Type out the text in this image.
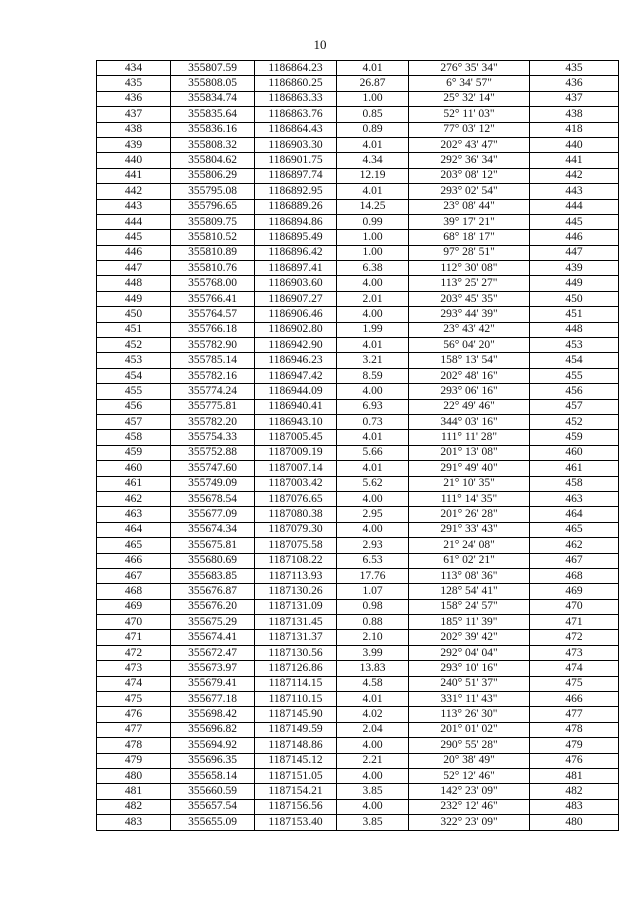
10
434	355807.59	1186864.23	4.01	276° 35' 34"	435
435	355808.05	1186860.25	26.87	6° 34' 57"	436
436	355834.74	1186863.33	1.00	25° 32' 14"	437
437	355835.64	1186863.76	0.85	52° 11' 03"	438
438	355836.16	1186864.43	0.89	77° 03' 12"	418
439	355808.32	1186903.30	4.01	202° 43' 47"	440
440	355804.62	1186901.75	4.34	292° 36' 34"	441
441	355806.29	1186897.74	12.19	203° 08' 12"	442
442	355795.08	1186892.95	4.01	293° 02' 54"	443
443	355796.65	1186889.26	14.25	23° 08' 44"	444
444	355809.75	1186894.86	0.99	39° 17' 21"	445
445	355810.52	1186895.49	1.00	68° 18' 17"	446
446	355810.89	1186896.42	1.00	97° 28' 51"	447
447	355810.76	1186897.41	6.38	112° 30' 08"	439
448	355768.00	1186903.60	4.00	113° 25' 27"	449
449	355766.41	1186907.27	2.01	203° 45' 35"	450
450	355764.57	1186906.46	4.00	293° 44' 39"	451
451	355766.18	1186902.80	1.99	23° 43' 42"	448
452	355782.90	1186942.90	4.01	56° 04' 20"	453
453	355785.14	1186946.23	3.21	158° 13' 54"	454
454	355782.16	1186947.42	8.59	202° 48' 16"	455
455	355774.24	1186944.09	4.00	293° 06' 16"	456
456	355775.81	1186940.41	6.93	22° 49' 46"	457
457	355782.20	1186943.10	0.73	344° 03' 16"	452
458	355754.33	1187005.45	4.01	111° 11' 28"	459
459	355752.88	1187009.19	5.66	201° 13' 08"	460
460	355747.60	1187007.14	4.01	291° 49' 40"	461
461	355749.09	1187003.42	5.62	21° 10' 35"	458
462	355678.54	1187076.65	4.00	111° 14' 35"	463
463	355677.09	1187080.38	2.95	201° 26' 28"	464
464	355674.34	1187079.30	4.00	291° 33' 43"	465
465	355675.81	1187075.58	2.93	21° 24' 08"	462
466	355680.69	1187108.22	6.53	61° 02' 21"	467
467	355683.85	1187113.93	17.76	113° 08' 36"	468
468	355676.87	1187130.26	1.07	128° 54' 41"	469
469	355676.20	1187131.09	0.98	158° 24' 57"	470
470	355675.29	1187131.45	0.88	185° 11' 39"	471
471	355674.41	1187131.37	2.10	202° 39' 42"	472
472	355672.47	1187130.56	3.99	292° 04' 04"	473
473	355673.97	1187126.86	13.83	293° 10' 16"	474
474	355679.41	1187114.15	4.58	240° 51' 37"	475
475	355677.18	1187110.15	4.01	331° 11' 43"	466
476	355698.42	1187145.90	4.02	113° 26' 30"	477
477	355696.82	1187149.59	2.04	201° 01' 02"	478
478	355694.92	1187148.86	4.00	290° 55' 28"	479
479	355696.35	1187145.12	2.21	20° 38' 49"	476
480	355658.14	1187151.05	4.00	52° 12' 46"	481
481	355660.59	1187154.21	3.85	142° 23' 09"	482
482	355657.54	1187156.56	4.00	232° 12' 46"	483
483	355655.09	1187153.40	3.85	322° 23' 09"	480
